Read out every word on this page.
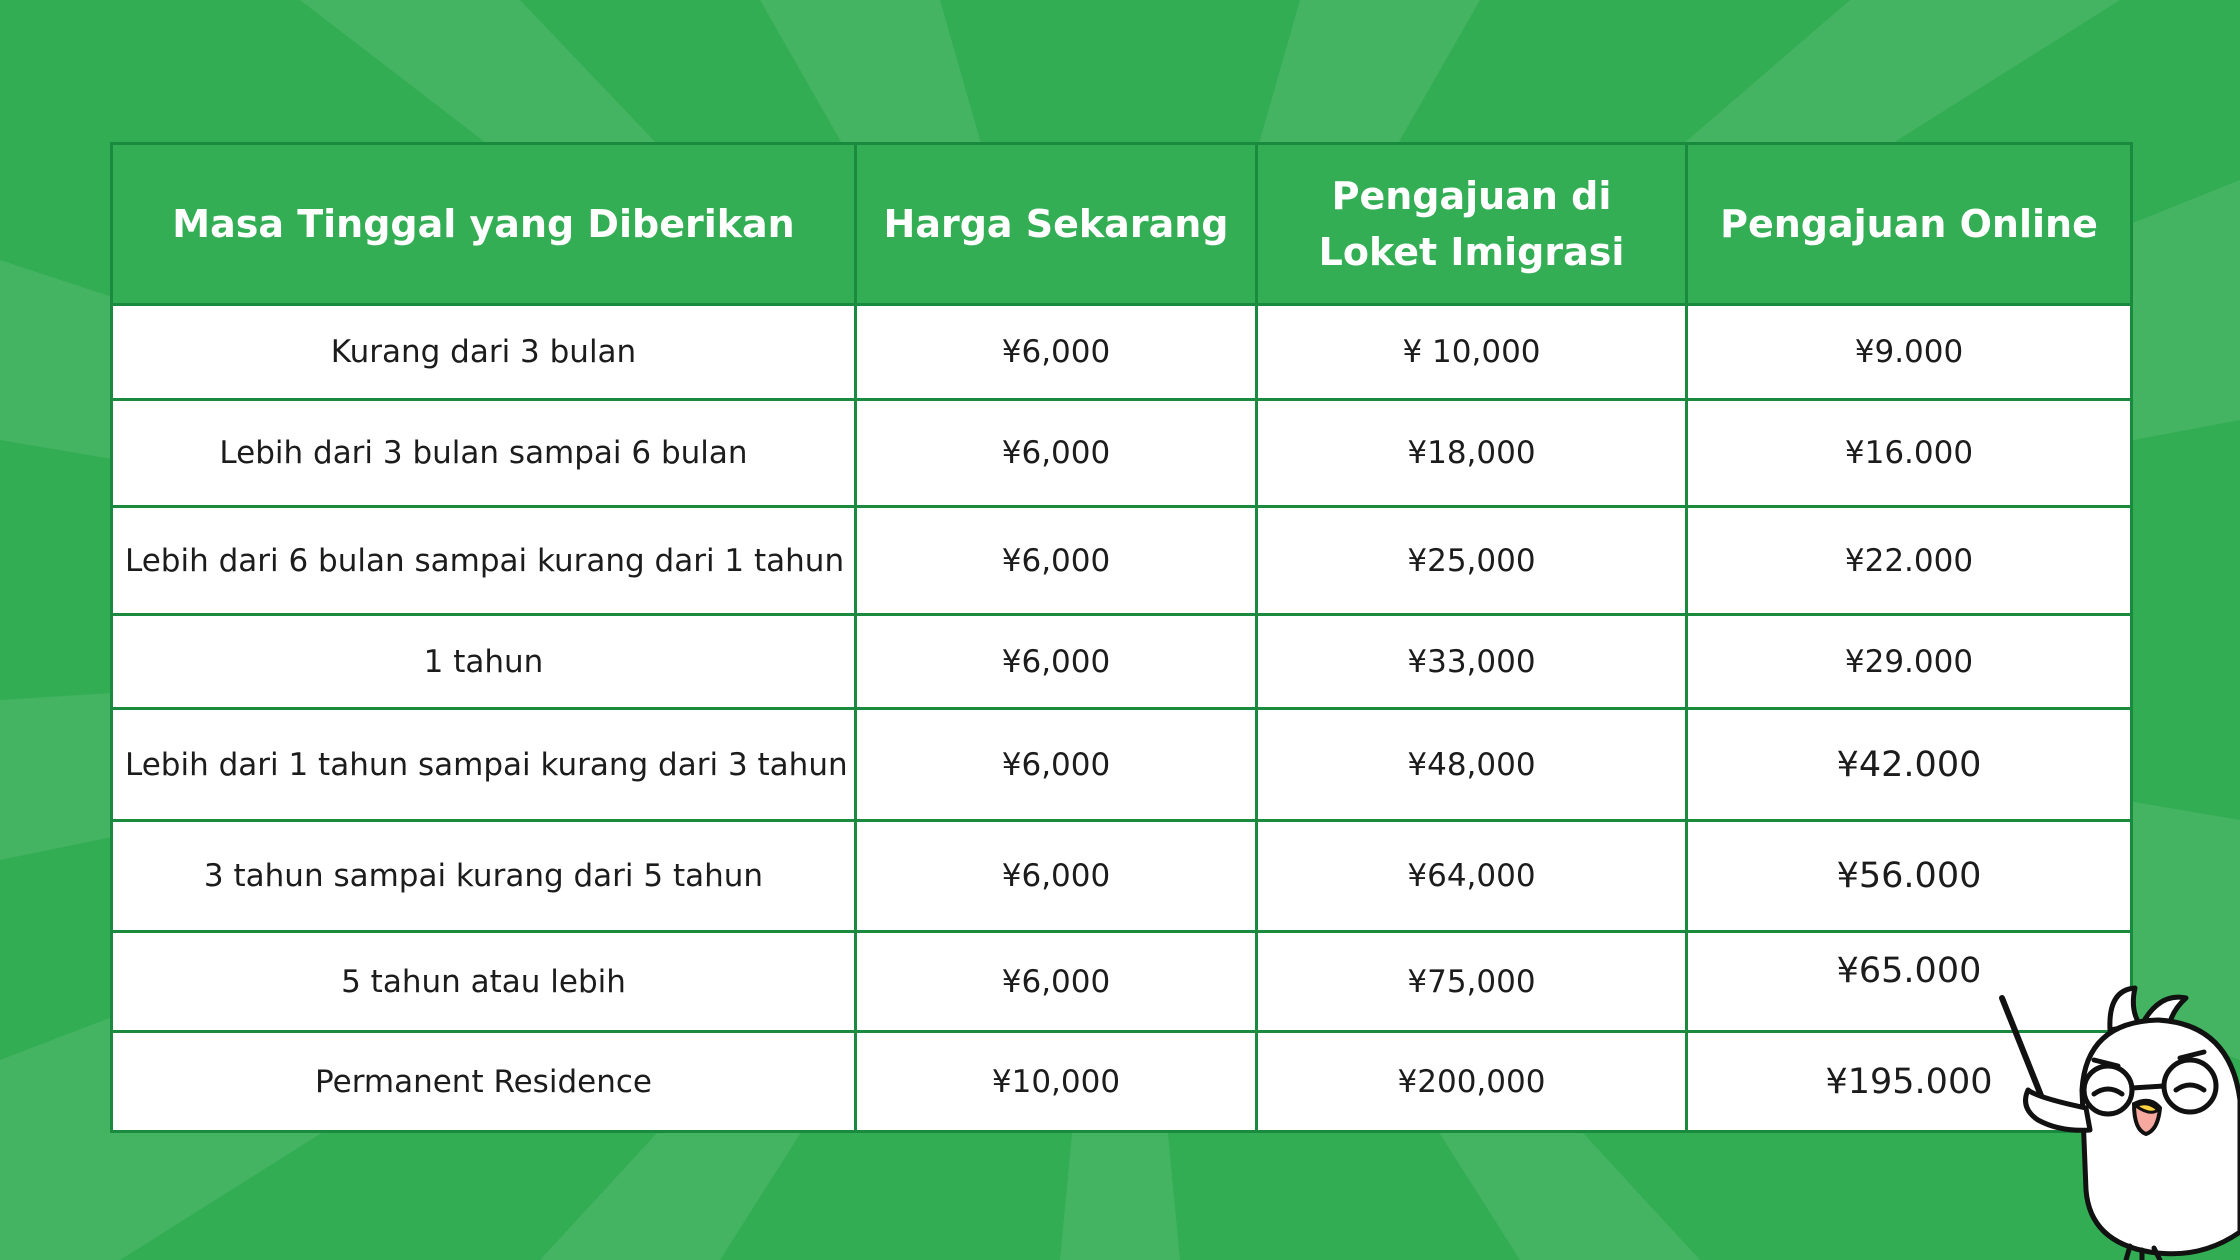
Masa Tinggal yang Diberikan	Harga Sekarang	Pengajuan di Loket Imigrasi	Pengajuan Online
Kurang dari 3 bulan	¥6,000	¥ 10,000	¥9.000
Lebih dari 3 bulan sampai 6 bulan	¥6,000	¥18,000	¥16.000
Lebih dari 6 bulan sampai kurang dari 1 tahun	¥6,000	¥25,000	¥22.000
1 tahun	¥6,000	¥33,000	¥29.000
Lebih dari 1 tahun sampai kurang dari 3 tahun	¥6,000	¥48,000	¥42.000
3 tahun sampai kurang dari 5 tahun	¥6,000	¥64,000	¥56.000
5 tahun atau lebih	¥6,000	¥75,000	¥65.000
Permanent Residence	¥10,000	¥200,000	¥195.000
